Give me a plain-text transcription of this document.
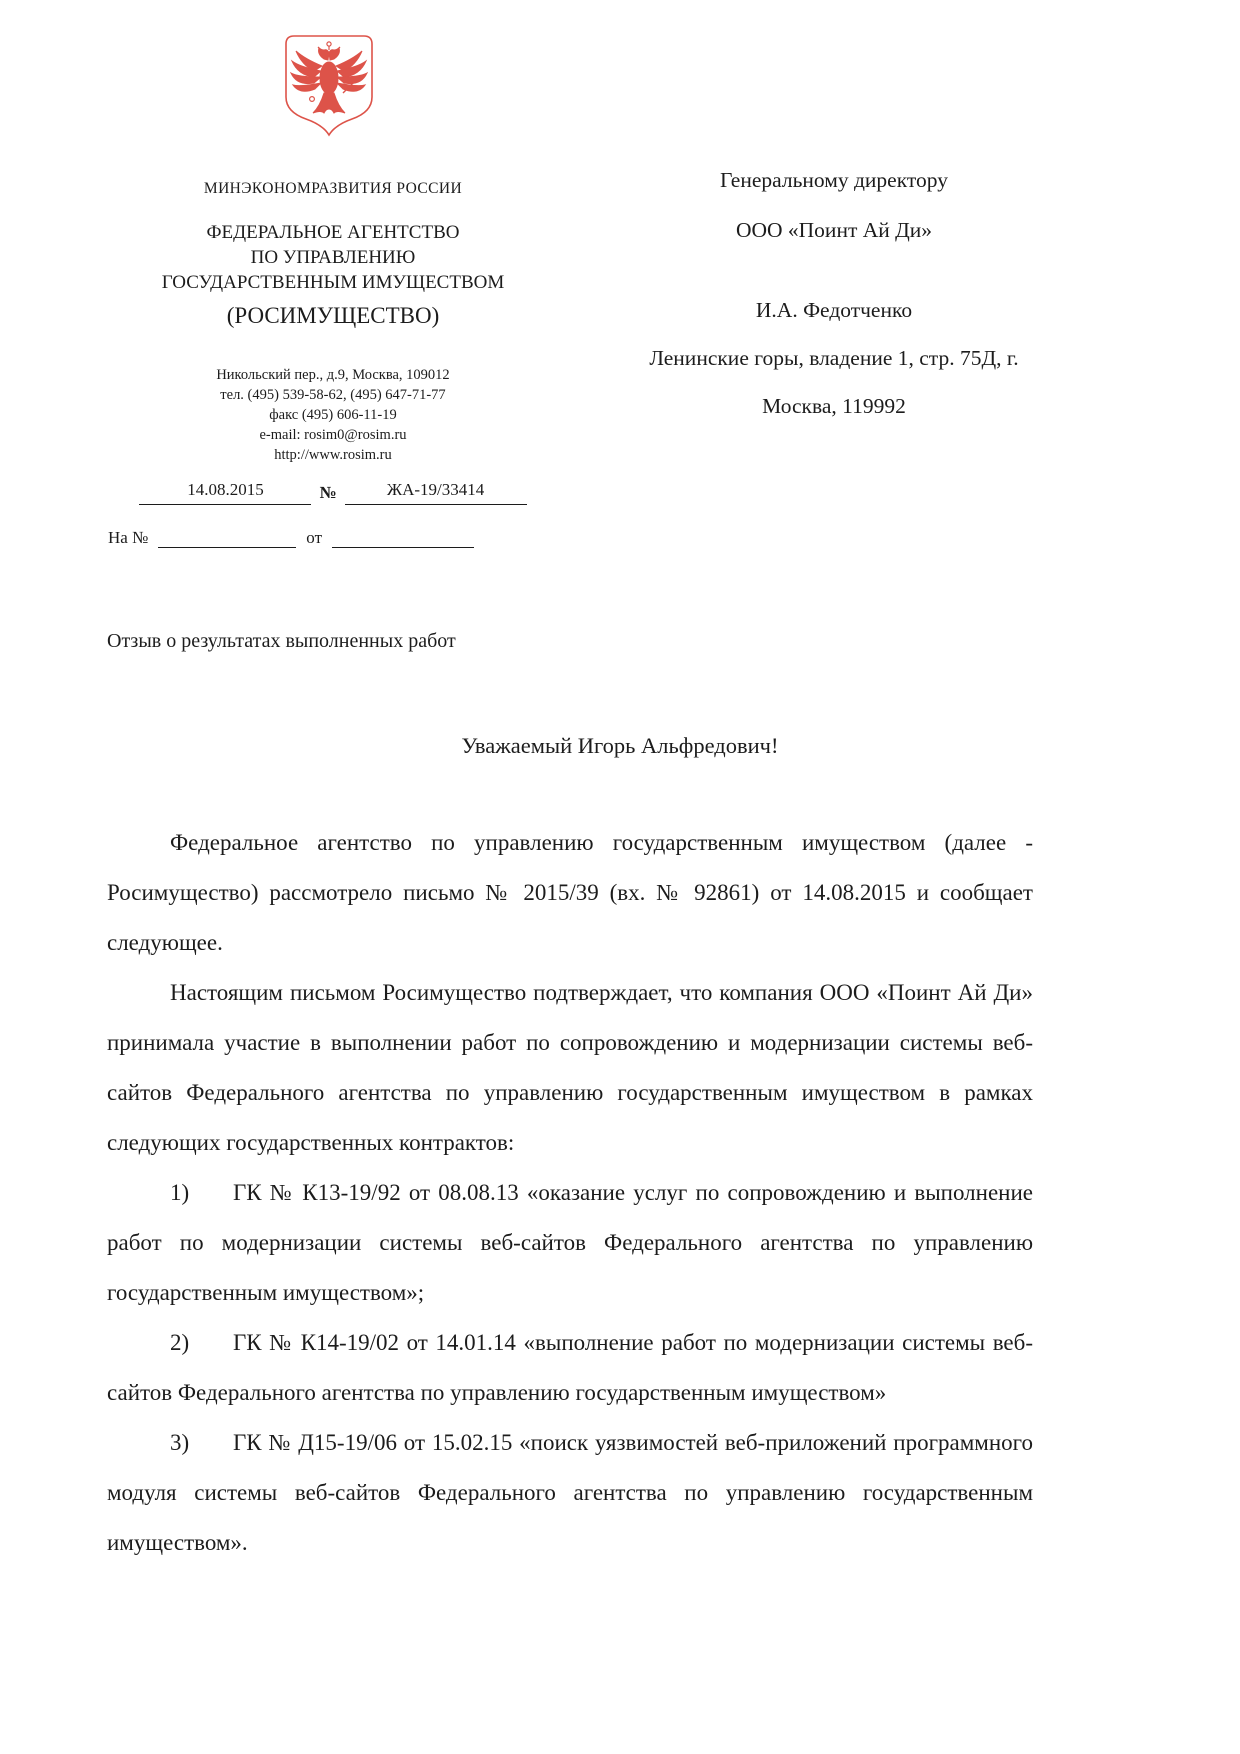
МИНЭКОНОМРАЗВИТИЯ РОССИИ
ФЕДЕРАЛЬНОЕ АГЕНТСТВО
ПО УПРАВЛЕНИЮ
ГОСУДАРСТВЕННЫМ ИМУЩЕСТВОМ
(РОСИМУЩЕСТВО)
Никольский пер., д.9, Москва, 109012
тел. (495) 539-58-62, (495) 647-71-77
факс (495) 606-11-19
e-mail: rosim0@rosim.ru
http://www.rosim.ru
14.08.2015	№	ЖА-19/33414
На №	от
Генеральному директору
ООО «Поинт Ай Ди»
И.А. Федотченко
Ленинские горы, владение 1, стр. 75Д, г.
Москва, 119992
Отзыв о результатах выполненных работ
Уважаемый Игорь Альфредович!

Федеральное агентство по управлению государственным имуществом (далее - Росимущество) рассмотрело письмо № 2015/39 (вх. № 92861) от 14.08.2015 и сообщает следующее.

Настоящим письмом Росимущество подтверждает, что компания ООО «Поинт Ай Ди» принимала участие в выполнении работ по сопровождению и модернизации системы веб-сайтов Федерального агентства по управлению государственным имуществом в рамках следующих государственных контрактов:

1) ГК № К13-19/92 от 08.08.13 «оказание услуг по сопровождению и выполнение работ по модернизации системы веб-сайтов Федерального агентства по управлению государственным имуществом»;

2) ГК № К14-19/02 от 14.01.14 «выполнение работ по модернизации системы веб-сайтов Федерального агентства по управлению государственным имуществом»

3) ГК № Д15-19/06 от 15.02.15 «поиск уязвимостей веб-приложений программного модуля системы веб-сайтов Федерального агентства по управлению государственным имуществом».
